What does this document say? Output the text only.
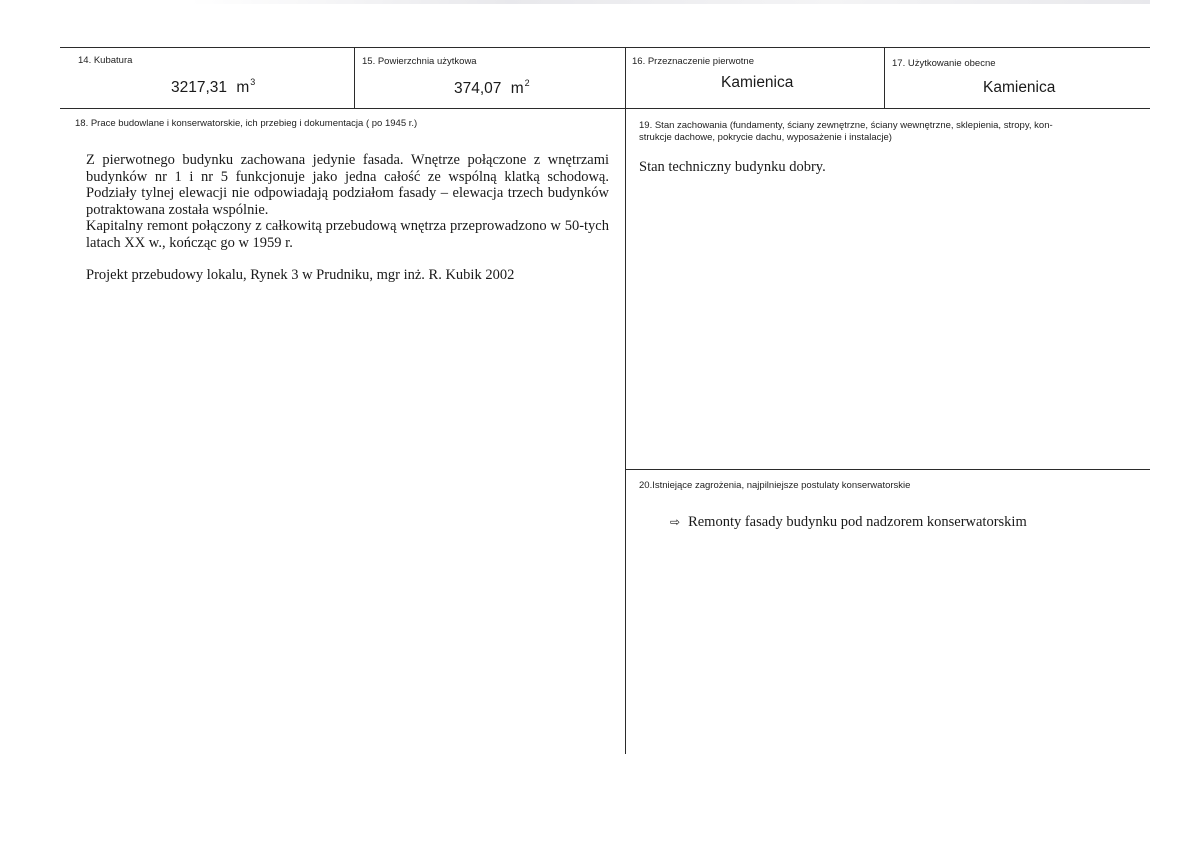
14. Kubatura
3217,31 $m^3$
15. Powierzchnia użytkowa
374,07 $m^2$
16. Przeznaczenie pierwotne
Kamienica
17. Użytkowanie obecne
Kamienica
18. Prace budowlane i konserwatorskie, ich przebieg i dokumentacja ( po 1945 r.)

Z pierwotnego budynku zachowana jedynie fasada. Wnętrze połączone z wnętrzami budynków nr 1 i nr 5 funkcjonuje jako jedna całość ze wspólną klatką schodową. Podziały tylnej elewacji nie odpowiadają podziałom fasady – elewacja trzech budynków potraktowana została wspólnie.

Kapitalny remont połączony z całkowitą przebudową wnętrza przeprowadzono w 50-tych latach XX w., kończąc go w 1959 r.

Projekt przebudowy lokalu, Rynek 3 w Prudniku, mgr inż. R. Kubik 2002

19. Stan zachowania (fundamenty, ściany zewnętrzne, ściany wewnętrzne, sklepienia, stropy, kon-
strukcje dachowe, pokrycie dachu, wyposażenie i instalacje)
Stan techniczny budynku dobry.
20.Istniejące zagrożenia, najpilniejsze postulaty konserwatorskie
⇨ Remonty fasady budynku pod nadzorem konserwatorskim
